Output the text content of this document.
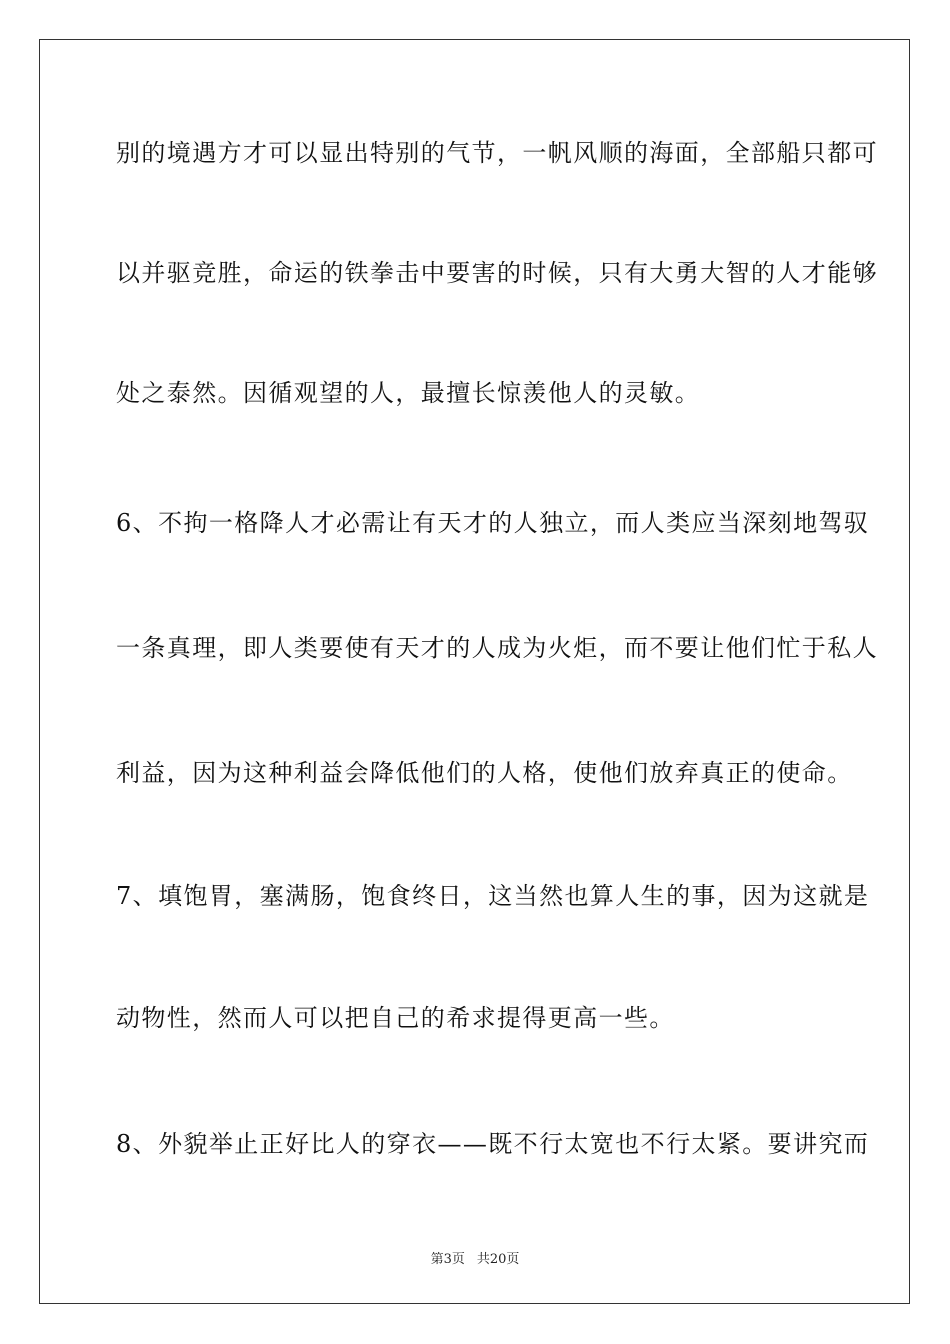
别的境遇方才可以显出特别的气节，一帆风顺的海面，全部船只都可
以并驱竞胜，命运的铁拳击中要害的时候，只有大勇大智的人才能够
处之泰然。因循观望的人，最擅长惊羡他人的灵敏。
6、不拘一格降人才必需让有天才的人独立，而人类应当深刻地驾驭
一条真理，即人类要使有天才的人成为火炬，而不要让他们忙于私人
利益，因为这种利益会降低他们的人格，使他们放弃真正的使命。
7、填饱胃，塞满肠，饱食终日，这当然也算人生的事，因为这就是
动物性，然而人可以把自己的希求提得更高一些。
8、外貌举止正好比人的穿衣——既不行太宽也不行太紧。要讲究而
第3页 共20页
